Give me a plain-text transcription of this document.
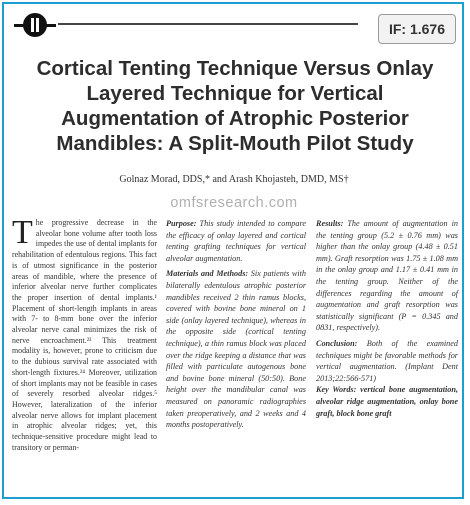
IF: 1.676
Cortical Tenting Technique Versus Onlay Layered Technique for Vertical Augmentation of Atrophic Posterior Mandibles: A Split-Mouth Pilot Study
Golnaz Morad, DDS,* and Arash Khojasteh, DMD, MS†
omfsresearch.com
The progressive decrease in the alveolar bone volume after tooth loss impedes the use of dental implants for rehabilitation of edentulous regions. This fact is of utmost significance in the posterior areas of mandible, where the presence of inferior alveolar nerve further complicates the proper insertion of dental implants.¹ Placement of short-length implants in areas with 7- to 8-mm bone over the inferior alveolar nerve canal minimizes the risk of nerve encroachment.²³ This treatment modality is, however, prone to criticism due to the dubious survival rate associated with short-length fixtures.²⁴ Moreover, utilization of short implants may not be feasible in cases of severely resorbed alveolar ridges.⁵ However, lateralization of the inferior alveolar nerve allows for implant placement in atrophic alveolar ridges; yet, this technique-sensitive procedure might lead to transitory or perman-

Purpose: This study intended to compare the efficacy of onlay layered and cortical tenting grafting techniques for vertical alveolar augmentation.

Materials and Methods: Six patients with bilaterally edentulous atrophic posterior mandibles received 2 thin ramus blocks, covered with bovine bone mineral on 1 side (onlay layered technique), whereas in the opposite side (cortical tenting technique), a thin ramus block was placed over the ridge keeping a distance that was filled with particulate autogenous bone and bovine bone mineral (50:50). Bone height over the mandibular canal was measured on panoramic radiographies taken preoperatively, and 2 weeks and 4 months postoperatively.

Results: The amount of augmentation in the tenting group (5.2 ± 0.76 mm) was higher than the onlay group (4.48 ± 0.51 mm). Graft resorption was 1.75 ± 1.08 mm in the onlay group and 1.17 ± 0.41 mm in the tenting group. Neither of the differences regarding the amount of augmentation and graft resorption was statistically significant (P = 0.345 and 0831, respectively).

Conclusion: Both of the examined techniques might be favorable methods for vertical augmentation. (Implant Dent 2013;22:566-571)

Key Words: vertical bone augmentation, alveolar ridge augmentation, onlay bone graft, block bone graft
